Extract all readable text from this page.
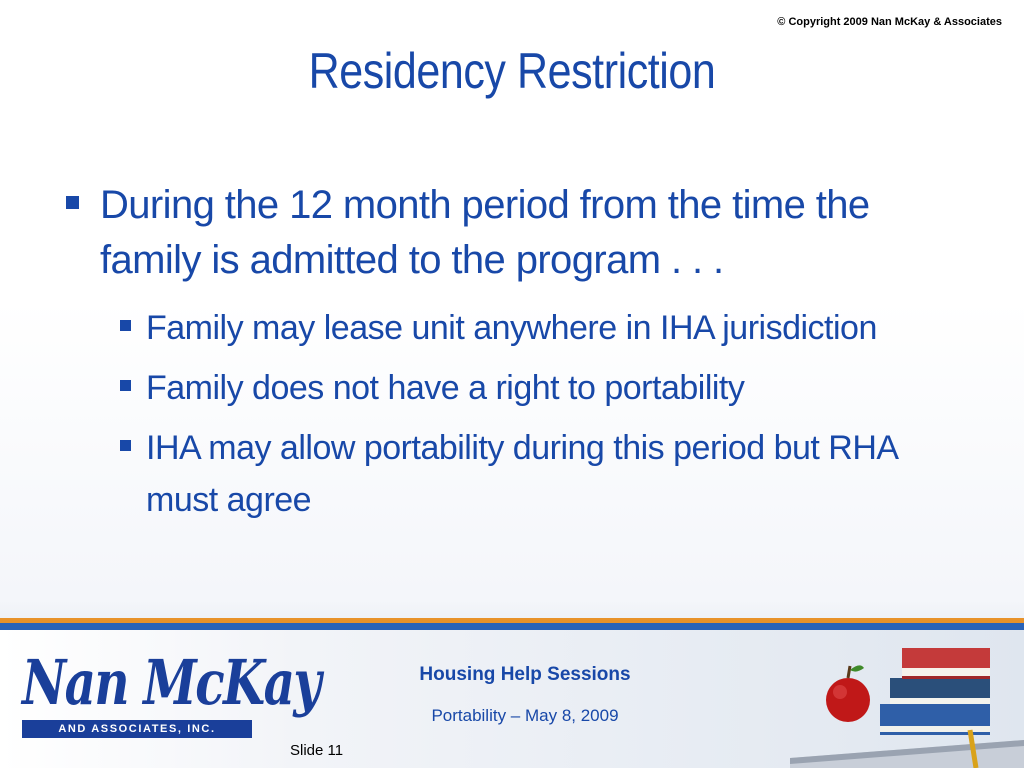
© Copyright 2009 Nan McKay & Associates
Residency Restriction
During the 12 month period from the time the family is admitted to the program . . .
Family may lease unit anywhere in IHA jurisdiction
Family does not have a right to portability
IHA may allow portability during this period but RHA must agree
Nan McKay
AND ASSOCIATES, INC.
Housing Help Sessions
Portability – May 8, 2009
Slide 11
